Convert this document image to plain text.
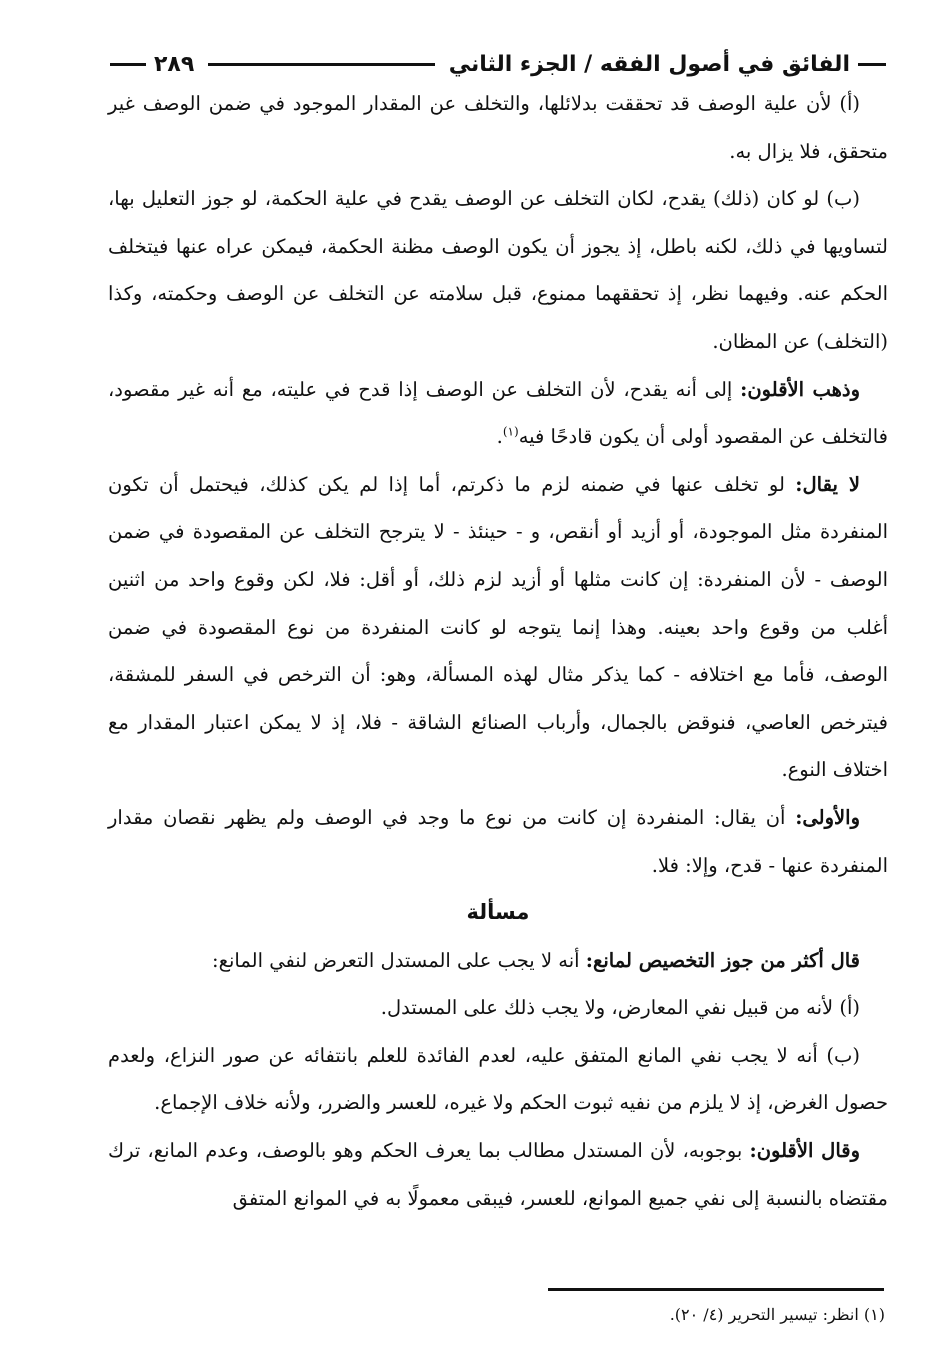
الفائق في أصول الفقه / الجزء الثاني
٢٨٩

(أ) لأن علية الوصف قد تحققت بدلائلها، والتخلف عن المقدار الموجود في ضمن الوصف غير متحقق، فلا يزال به.

(ب) لو كان (ذلك) يقدح، لكان التخلف عن الوصف يقدح في علية الحكمة، لو جوز التعليل بها، لتساويها في ذلك، لكنه باطل، إذ يجوز أن يكون الوصف مظنة الحكمة، فيمكن عراه عنها فيتخلف الحكم عنه. وفيهما نظر، إذ تحققهما ممنوع، قبل سلامته عن التخلف عن الوصف وحكمته، وكذا (التخلف) عن المظان.

وذهب الأقلون: إلى أنه يقدح، لأن التخلف عن الوصف إذا قدح في عليته، مع أنه غير مقصود، فالتخلف عن المقصود أولى أن يكون قادحًا فيه$^{(١)}$.

لا يقال: لو تخلف عنها في ضمنه لزم ما ذكرتم، أما إذا لم يكن كذلك، فيحتمل أن تكون المنفردة مثل الموجودة، أو أزيد أو أنقص، و - حينئذ - لا يترجح التخلف عن المقصودة في ضمن الوصف - لأن المنفردة: إن كانت مثلها أو أزيد لزم ذلك، أو أقل: فلا، لكن وقوع واحد من اثنين أغلب من وقوع واحد بعينه. وهذا إنما يتوجه لو كانت المنفردة من نوع المقصودة في ضمن الوصف، فأما مع اختلافه - كما يذكر مثال لهذه المسألة، وهو: أن الترخص في السفر للمشقة، فيترخص العاصي، فنوقض بالجمال، وأرباب الصنائع الشاقة - فلا، إذ لا يمكن اعتبار المقدار مع اختلاف النوع.

والأولى: أن يقال: المنفردة إن كانت من نوع ما وجد في الوصف ولم يظهر نقصان مقدار المنفردة عنها - قدح، وإلا: فلا.

مسألة

قال أكثر من جوز التخصيص لمانع: أنه لا يجب على المستدل التعرض لنفي المانع:

(أ) لأنه من قبيل نفي المعارض، ولا يجب ذلك على المستدل.

(ب) أنه لا يجب نفي المانع المتفق عليه، لعدم الفائدة للعلم بانتفائه عن صور النزاع، ولعدم حصول الغرض، إذ لا يلزم من نفيه ثبوت الحكم ولا غيره، للعسر والضرر، ولأنه خلاف الإجماع.

وقال الأقلون: بوجوبه، لأن المستدل مطالب بما يعرف الحكم وهو بالوصف، وعدم المانع، ترك مقتضاه بالنسبة إلى نفي جميع الموانع، للعسر، فيبقى معمولًا به في الموانع المتفق

(١) انظر: تيسير التحرير (٤/ ٢٠).
